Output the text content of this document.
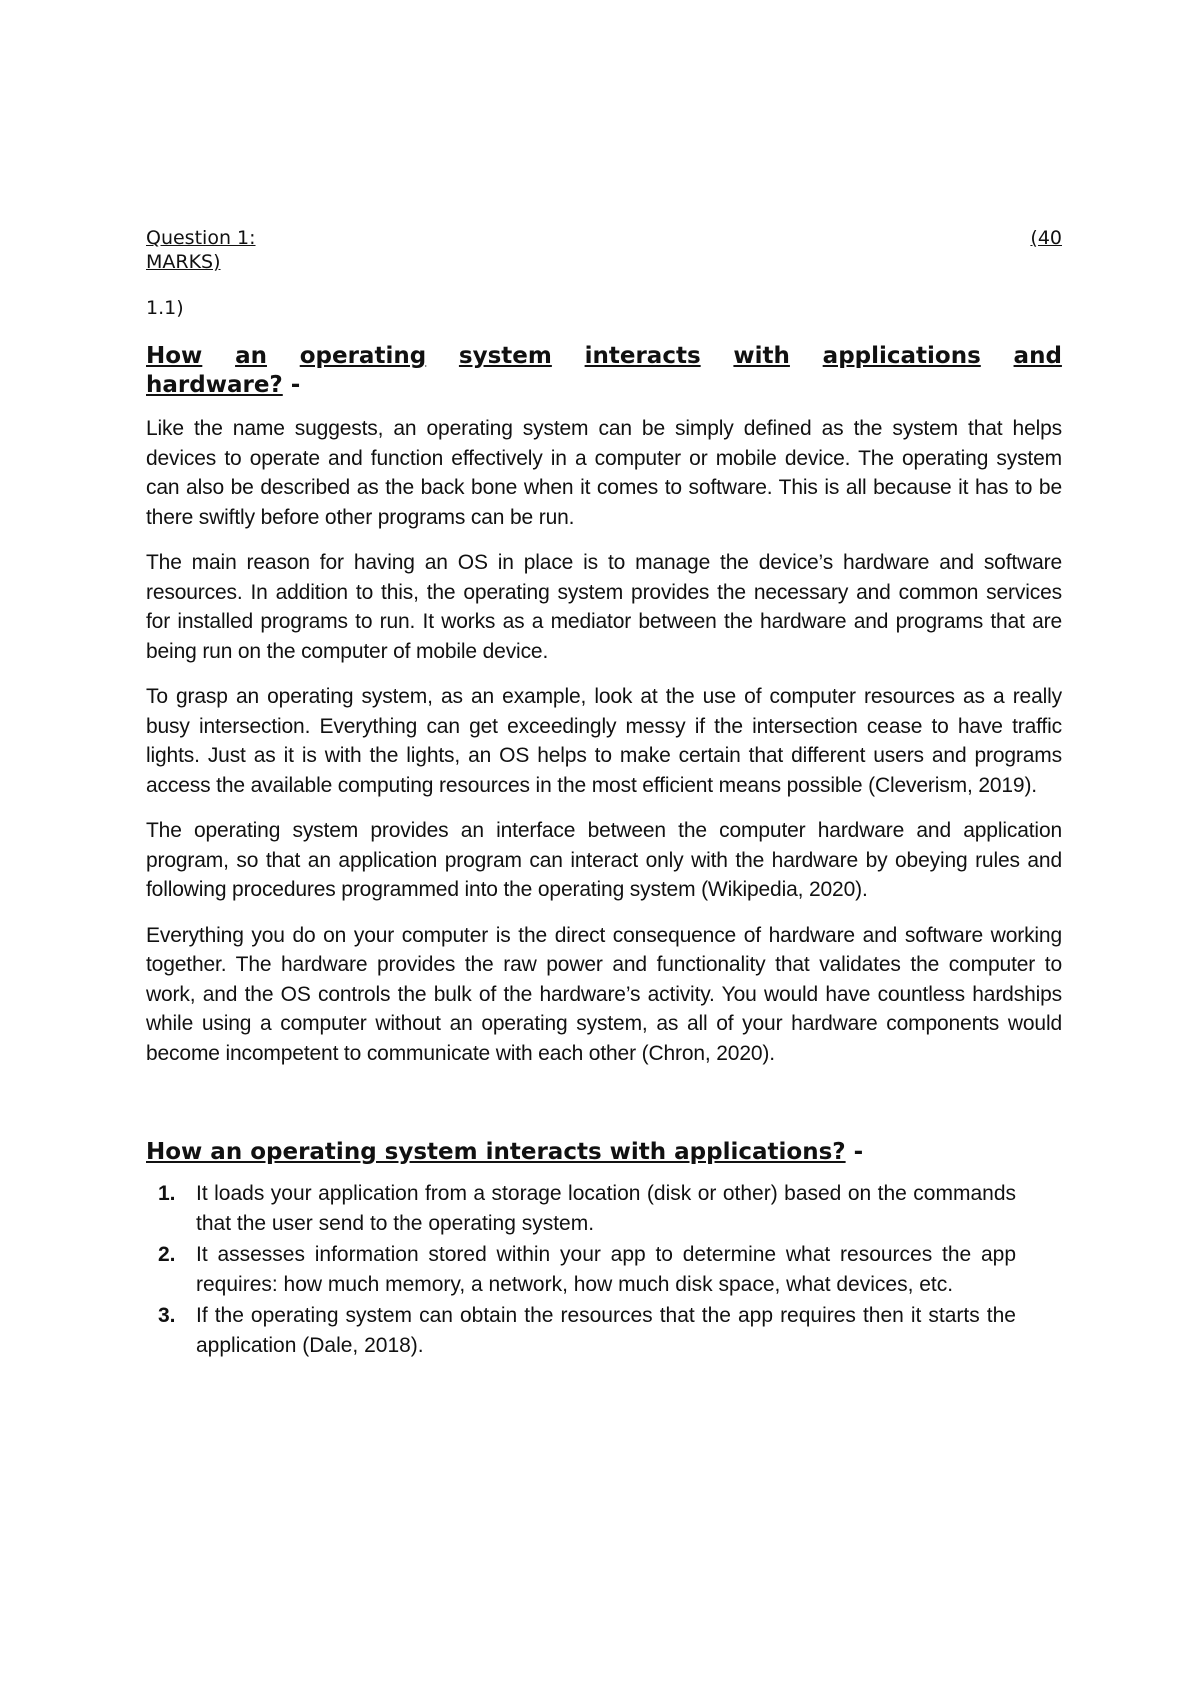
Question 1:	(40
MARKS)
1.1)
How an operating system interacts with applications and
hardware? -

Like the name suggests, an operating system can be simply defined as the system that helps devices to operate and function effectively in a computer or mobile device. The operating system can also be described as the back bone when it comes to software. This is all because it has to be there swiftly before other programs can be run.

The main reason for having an OS in place is to manage the device’s hardware and software resources. In addition to this, the operating system provides the necessary and common services for installed programs to run. It works as a mediator between the hardware and programs that are being run on the computer of mobile device.

To grasp an operating system, as an example, look at the use of computer resources as a really busy intersection. Everything can get exceedingly messy if the intersection cease to have traffic lights. Just as it is with the lights, an OS helps to make certain that different users and programs access the available computing resources in the most efficient means possible (Cleverism, 2019).

The operating system provides an interface between the computer hardware and application program, so that an application program can interact only with the hardware by obeying rules and following procedures programmed into the operating system (Wikipedia, 2020).

Everything you do on your computer is the direct consequence of hardware and software working together. The hardware provides the raw power and functionality that validates the computer to work, and the OS controls the bulk of the hardware’s activity. You would have countless hardships while using a computer without an operating system, as all of your hardware components would become incompetent to communicate with each other (Chron, 2020).

How an operating system interacts with applications? -
1. It loads your application from a storage location (disk or other) based on the commands that the user send to the operating system.
2. It assesses information stored within your app to determine what resources the app requires: how much memory, a network, how much disk space, what devices, etc.
3. If the operating system can obtain the resources that the app requires then it starts the application (Dale, 2018).
